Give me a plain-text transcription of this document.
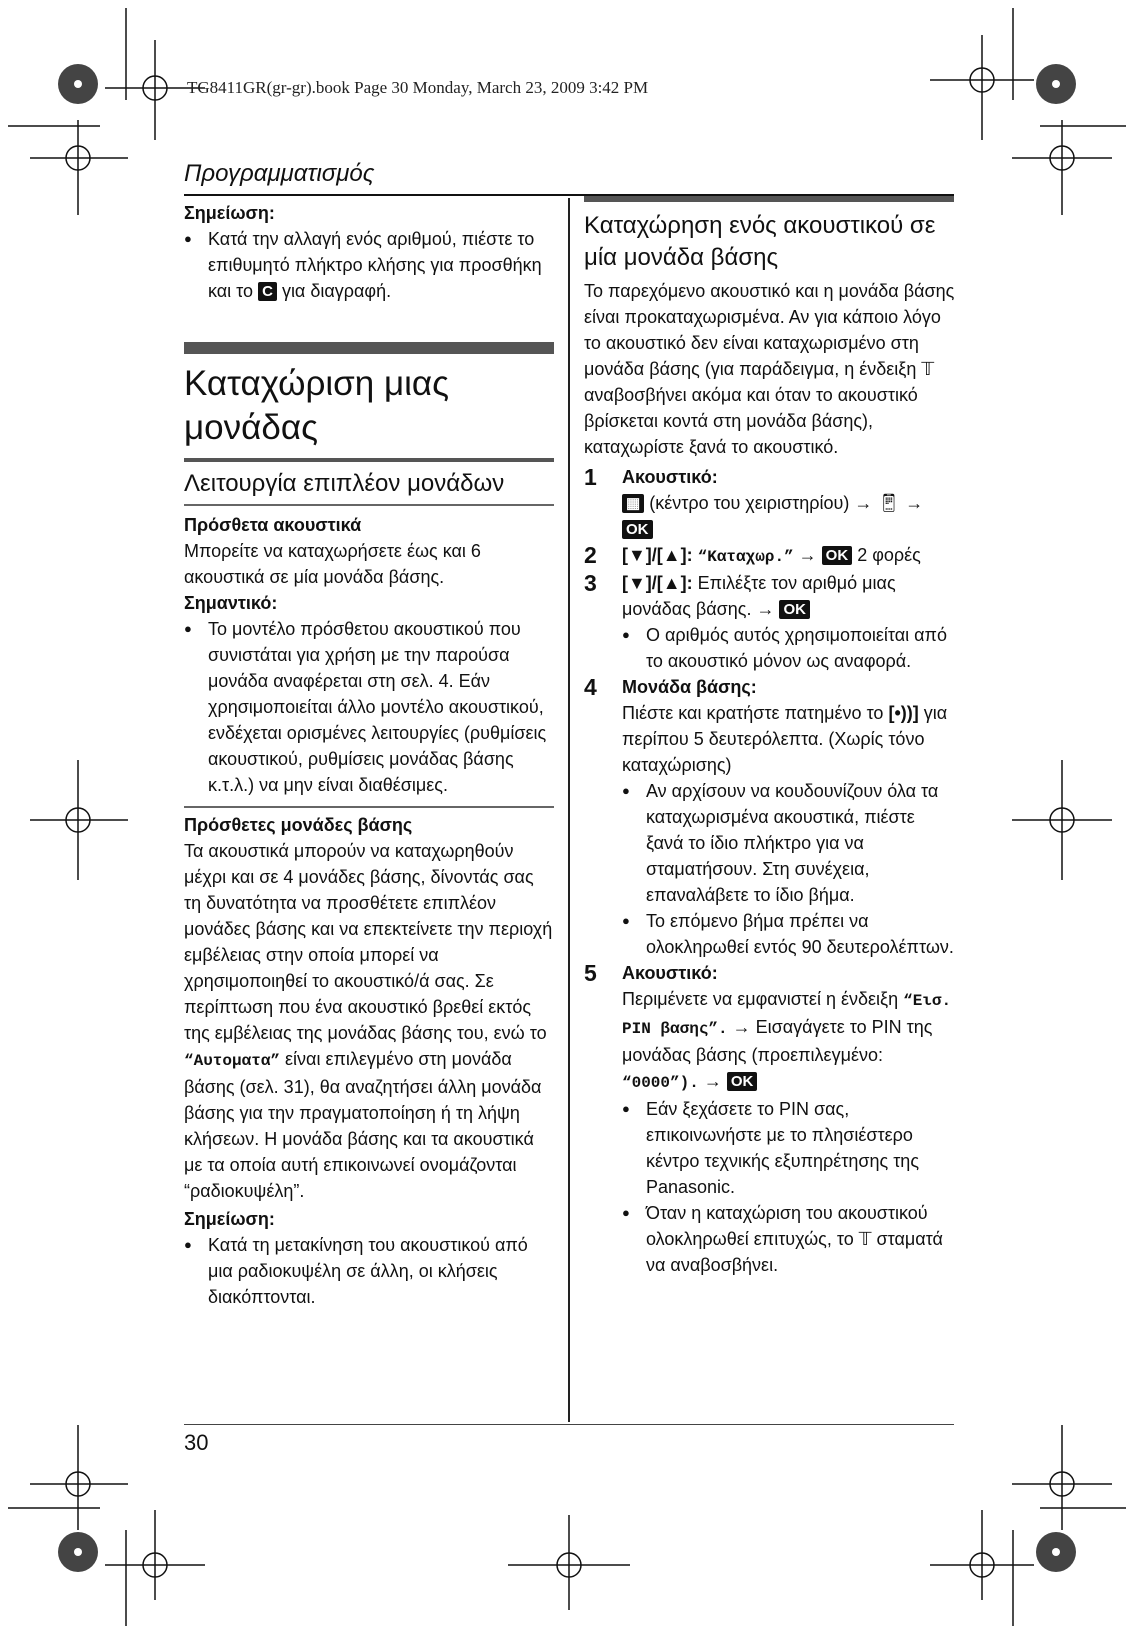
TG8411GR(gr-gr).book Page 30 Monday, March 23, 2009 3:42 PM
Προγραμματισμός

Σημείωση:

● Κατά την αλλαγή ενός αριθμού, πιέστε το επιθυμητό πλήκτρο κλήσης για προσθήκη και το C για διαγραφή.

Καταχώριση μιας μονάδας

Λειτουργία επιπλέον μονάδων

Πρόσθετα ακουστικά

Μπορείτε να καταχωρήσετε έως και 6 ακουστικά σε μία μονάδα βάσης.

Σημαντικό:

● Το μοντέλο πρόσθετου ακουστικού που συνιστάται για χρήση με την παρούσα μονάδα αναφέρεται στη σελ. 4. Εάν χρησιμοποιείται άλλο μοντέλο ακουστικού, ενδέχεται ορισμένες λειτουργίες (ρυθμίσεις ακουστικού, ρυθμίσεις μονάδας βάσης κ.τ.λ.) να μην είναι διαθέσιμες.

Πρόσθετες μονάδες βάσης

Τα ακουστικά μπορούν να καταχωρηθούν μέχρι και σε 4 μονάδες βάσης, δίνοντάς σας τη δυνατότητα να προσθέτετε επιπλέον μονάδες βάσης και να επεκτείνετε την περιοχή εμβέλειας στην οποία μπορεί να χρησιμοποιηθεί το ακουστικό/ά σας. Σε περίπτωση που ένα ακουστικό βρεθεί εκτός της εμβέλειας της μονάδας βάσης του, ενώ το “Αυτοματα” είναι επιλεγμένο στη μονάδα βάσης (σελ. 31), θα αναζητήσει άλλη μονάδα βάσης για την πραγματοποίηση ή τη λήψη κλήσεων. Η μονάδα βάσης και τα ακουστικά με τα οποία αυτή επικοινωνεί ονομάζονται “ραδιοκυψέλη”.

Σημείωση:

● Κατά τη μετακίνηση του ακουστικού από μια ραδιοκυψέλη σε άλλη, οι κλήσεις διακόπτονται.

Καταχώρηση ενός ακουστικού σε μία μονάδα βάσης

Το παρεχόμενο ακουστικό και η μονάδα βάσης είναι προκαταχωρισμένα. Αν για κάποιο λόγο το ακουστικό δεν είναι καταχωρισμένο στη μονάδα βάσης (για παράδειγμα, η ένδειξη 𝕋 αναβοσβήνει ακόμα και όταν το ακουστικό βρίσκεται κοντά στη μονάδα βάσης), καταχωρίστε ξανά το ακουστικό.

1 Ακουστικό:

▦ (κέντρο του χειριστηρίου) → 📱︎ → OK

2 [▼]/[▲]: “Καταχωρ.” → OK 2 φορές

3 [▼]/[▲]: Επιλέξτε τον αριθμό μιας μονάδας βάσης. → OK

● Ο αριθμός αυτός χρησιμοποιείται από το ακουστικό μόνον ως αναφορά.

4 Μονάδα βάσης:

Πιέστε και κρατήστε πατημένο το [•))] για περίπου 5 δευτερόλεπτα. (Χωρίς τόνο καταχώρισης)

● Αν αρχίσουν να κουδουνίζουν όλα τα καταχωρισμένα ακουστικά, πιέστε ξανά το ίδιο πλήκτρο για να σταματήσουν. Στη συνέχεια, επαναλάβετε το ίδιο βήμα.

● Το επόμενο βήμα πρέπει να ολοκληρωθεί εντός 90 δευτερολέπτων.

5 Ακουστικό:

Περιμένετε να εμφανιστεί η ένδειξη “Εισ. PIN βασης”. → Εισαγάγετε το PIN της μονάδας βάσης (προεπιλεγμένο: “0000”). → OK

● Εάν ξεχάσετε το PIN σας, επικοινωνήστε με το πλησιέστερο κέντρο τεχνικής εξυπηρέτησης της Panasonic.

● Όταν η καταχώριση του ακουστικού ολοκληρωθεί επιτυχώς, το 𝕋 σταματά να αναβοσβήνει.

30
